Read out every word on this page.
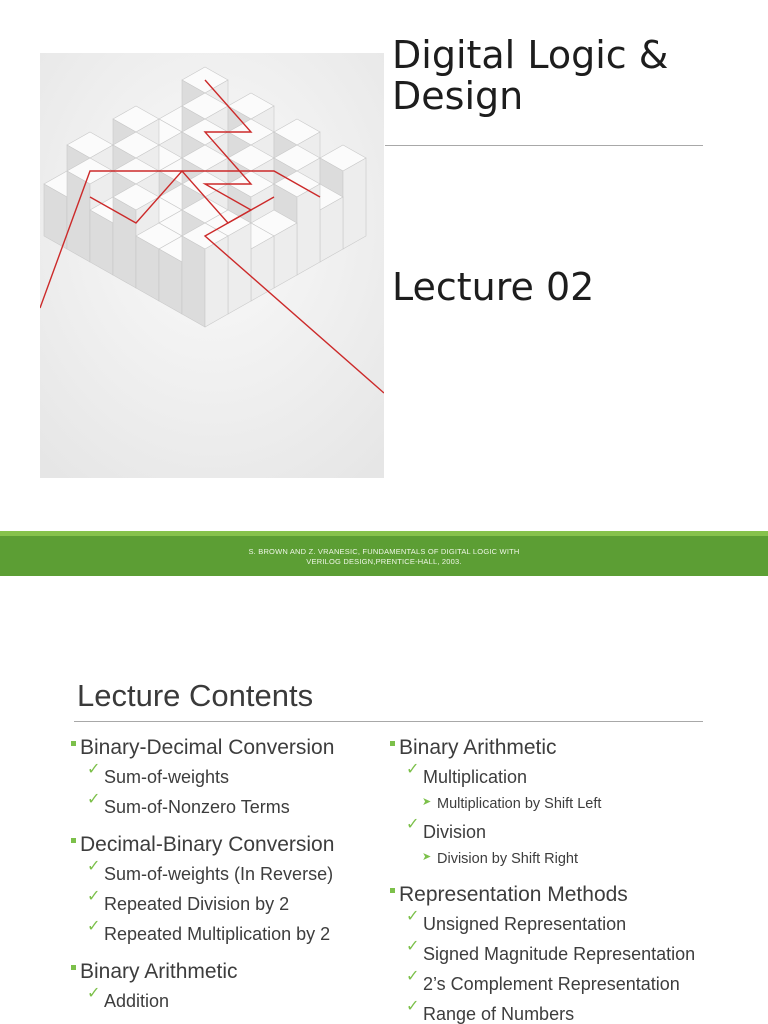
Digital Logic & Design
Lecture 02
S. BROWN AND Z. VRANESIC, FUNDAMENTALS OF DIGITAL LOGIC WITH
VERILOG DESIGN,PRENTICE-HALL, 2003.
Lecture Contents
Binary-Decimal Conversion
✓ Sum-of-weights
✓ Sum-of-Nonzero Terms
Decimal-Binary Conversion
✓ Sum-of-weights (In Reverse)
✓ Repeated Division by 2
✓ Repeated Multiplication by 2
Binary Arithmetic
✓ Addition
Binary Arithmetic
✓ Multiplication
➤ Multiplication by Shift Left
✓ Division
➤ Division by Shift Right
Representation Methods
✓ Unsigned Representation
✓ Signed Magnitude Representation
✓ 2’s Complement Representation
✓ Range of Numbers
